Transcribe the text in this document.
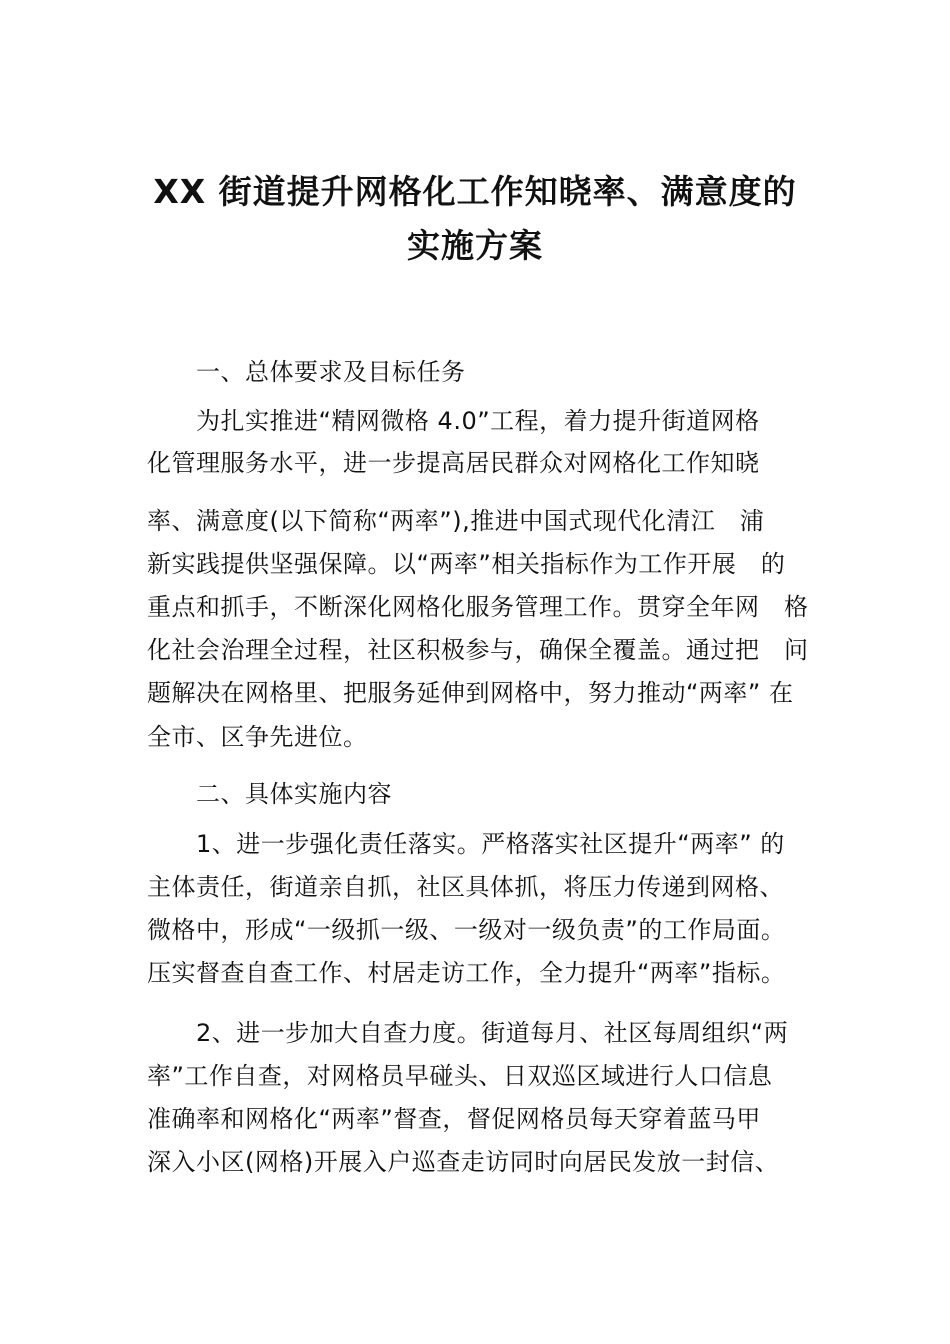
XX 街道提升网格化工作知晓率、满意度的
实施方案
一、总体要求及目标任务
为扎实推进“精网微格 4.0”工程，着力提升街道网格
化管理服务水平，进一步提高居民群众对网格化工作知晓
率、满意度(以下简称“两率”),推进中国式现代化清江　浦
新实践提供坚强保障。以“两率”相关指标作为工作开展　的
重点和抓手，不断深化网格化服务管理工作。贯穿全年网　格
化社会治理全过程，社区积极参与，确保全覆盖。通过把　问
题解决在网格里、把服务延伸到网格中，努力推动“两率” 在
全市、区争先进位。
二、具体实施内容
1、进一步强化责任落实。严格落实社区提升“两率” 的
主体责任，街道亲自抓，社区具体抓，将压力传递到网格、
微格中，形成“一级抓一级、一级对一级负责”的工作局面。
压实督查自查工作、村居走访工作，全力提升“两率”指标。
2、进一步加大自查力度。街道每月、社区每周组织“两
率”工作自查，对网格员早碰头、日双巡区域进行人口信息
准确率和网格化“两率”督查，督促网格员每天穿着蓝马甲
深入小区(网格)开展入户巡查走访同时向居民发放一封信、
